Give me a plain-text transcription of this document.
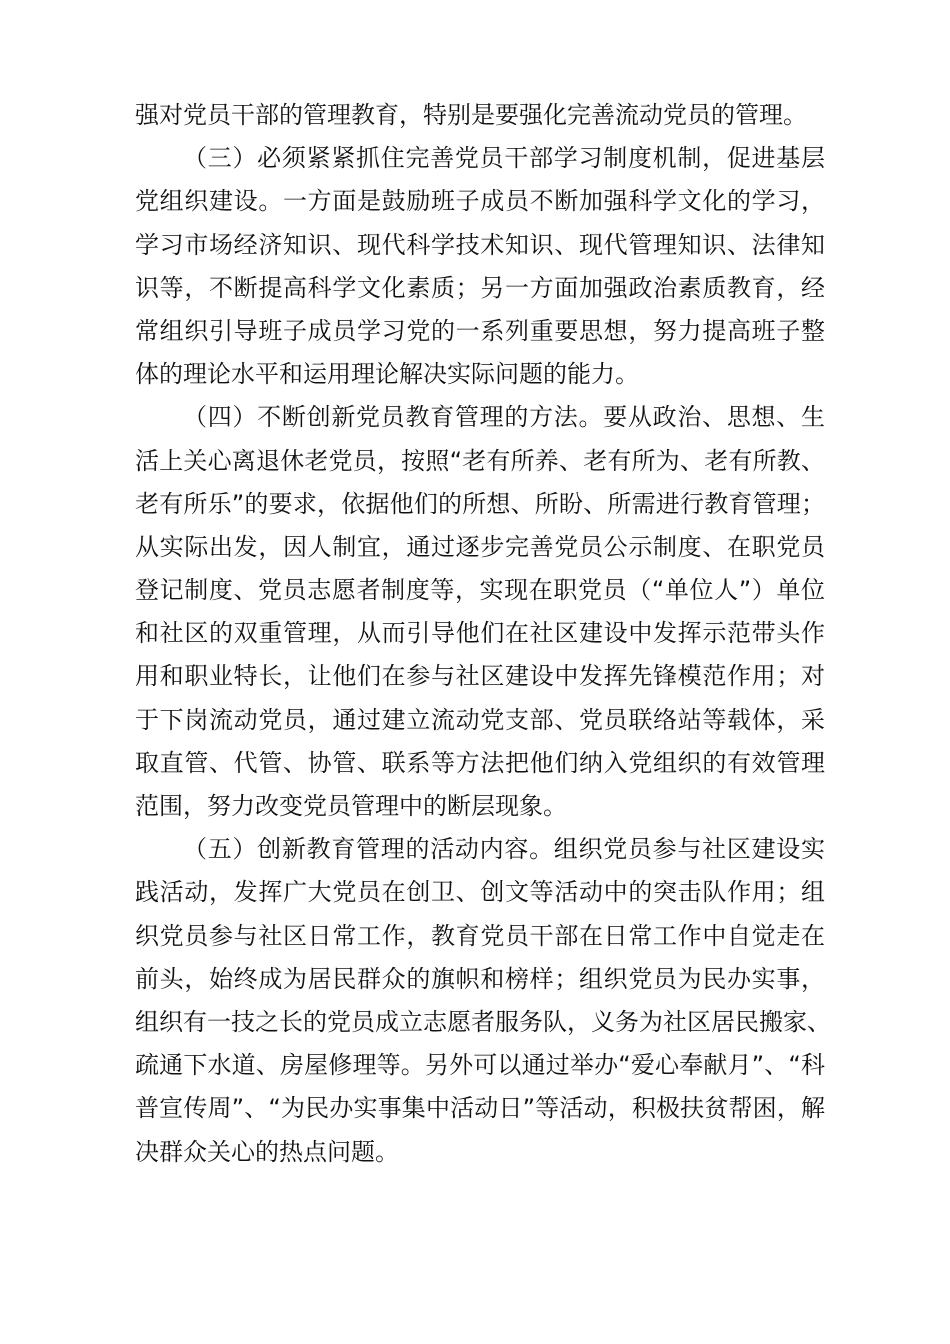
强对党员干部的管理教育，特别是要强化完善流动党员的管理。
（三）必须紧紧抓住完善党员干部学习制度机制，促进基层
党组织建设。一方面是鼓励班子成员不断加强科学文化的学习，
学习市场经济知识、现代科学技术知识、现代管理知识、法律知
识等，不断提高科学文化素质；另一方面加强政治素质教育，经
常组织引导班子成员学习党的一系列重要思想，努力提高班子整
体的理论水平和运用理论解决实际问题的能力。
（四）不断创新党员教育管理的方法。要从政治、思想、生
活上关心离退休老党员，按照“老有所养、老有所为、老有所教、
老有所乐”的要求，依据他们的所想、所盼、所需进行教育管理；
从实际出发，因人制宜，通过逐步完善党员公示制度、在职党员
登记制度、党员志愿者制度等，实现在职党员（“单位人”）单位
和社区的双重管理，从而引导他们在社区建设中发挥示范带头作
用和职业特长，让他们在参与社区建设中发挥先锋模范作用；对
于下岗流动党员，通过建立流动党支部、党员联络站等载体，采
取直管、代管、协管、联系等方法把他们纳入党组织的有效管理
范围，努力改变党员管理中的断层现象。
（五）创新教育管理的活动内容。组织党员参与社区建设实
践活动，发挥广大党员在创卫、创文等活动中的突击队作用；组
织党员参与社区日常工作，教育党员干部在日常工作中自觉走在
前头，始终成为居民群众的旗帜和榜样；组织党员为民办实事，
组织有一技之长的党员成立志愿者服务队，义务为社区居民搬家、
疏通下水道、房屋修理等。另外可以通过举办“爱心奉献月”、“科
普宣传周”、“为民办实事集中活动日”等活动，积极扶贫帮困，解
决群众关心的热点问题。
